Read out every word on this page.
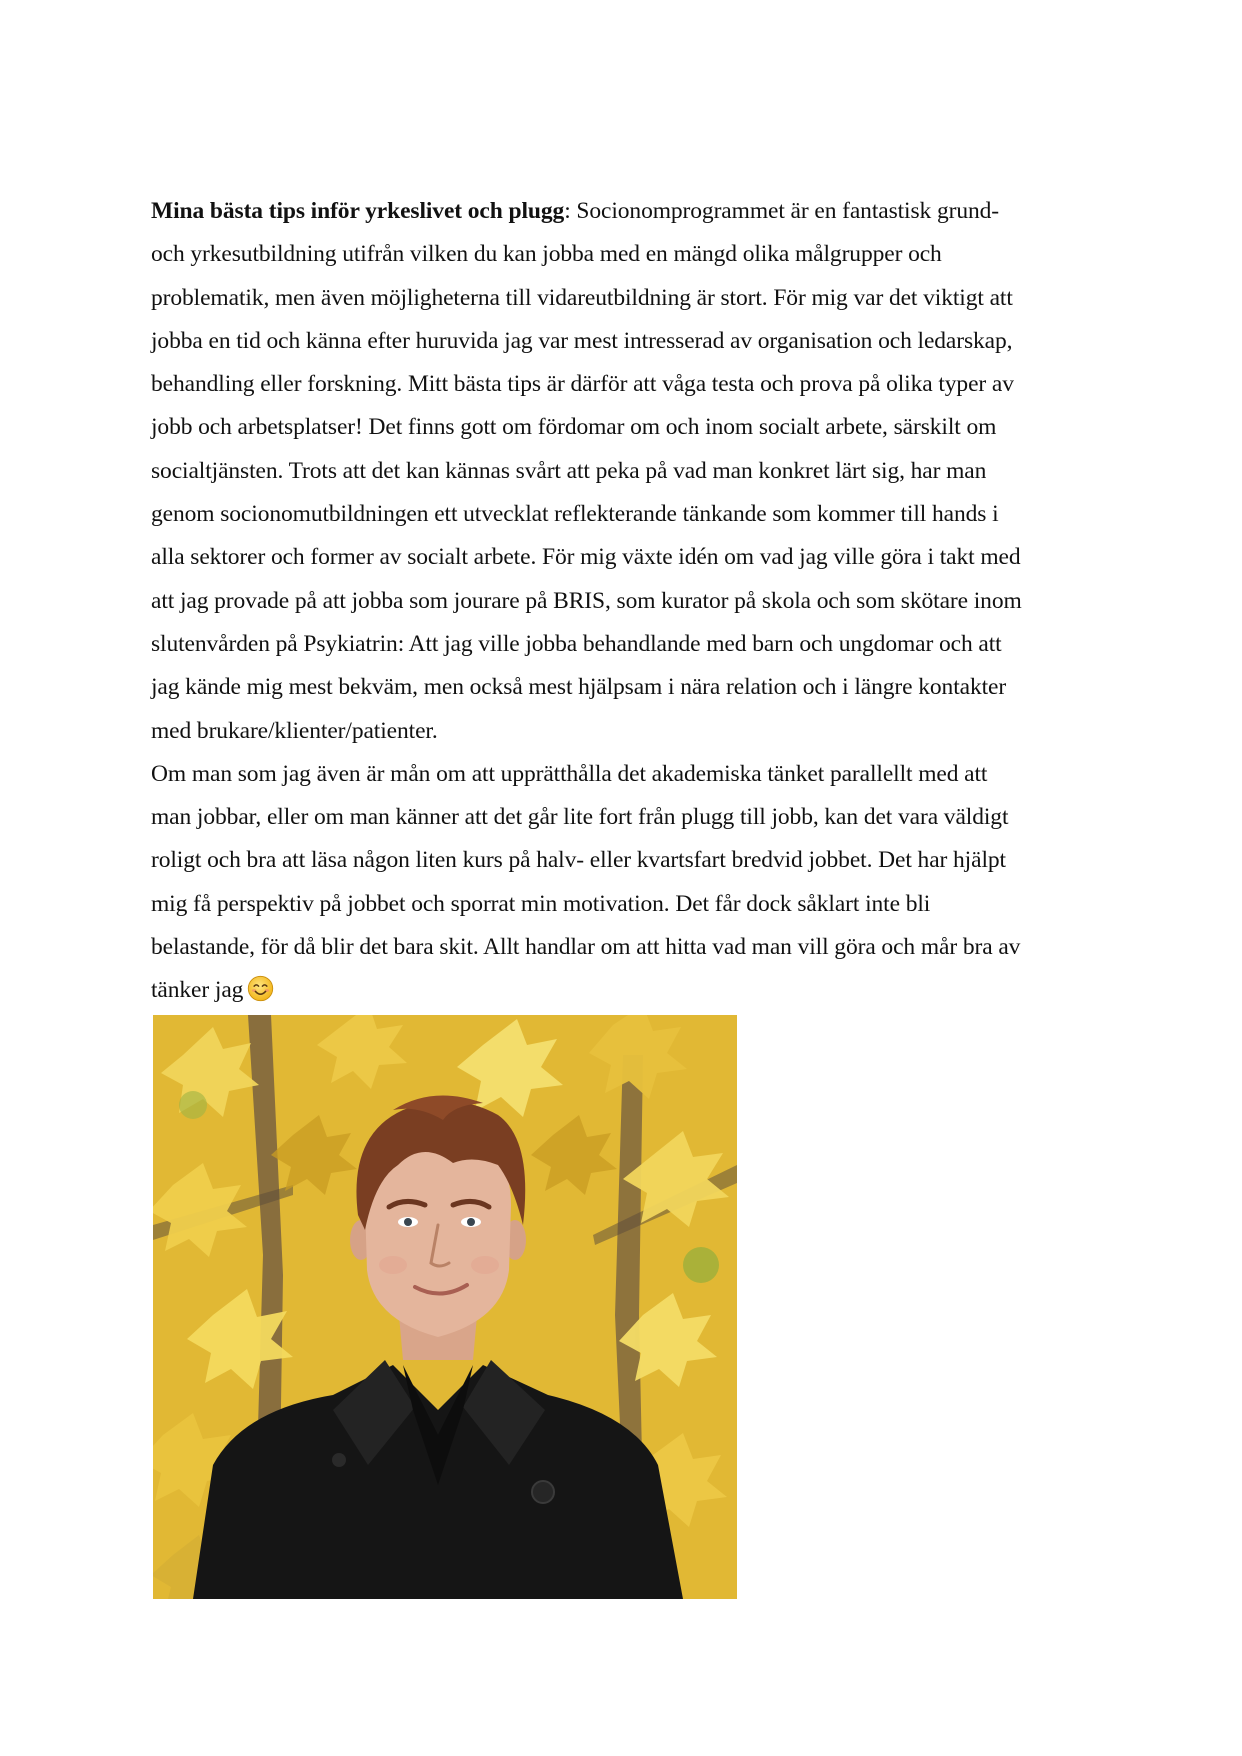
Mina bästa tips inför yrkeslivet och plugg: Socionomprogrammet är en fantastisk grund-
och yrkesutbildning utifrån vilken du kan jobba med en mängd olika målgrupper och
problematik, men även möjligheterna till vidareutbildning är stort. För mig var det viktigt att
jobba en tid och känna efter huruvida jag var mest intresserad av organisation och ledarskap,
behandling eller forskning. Mitt bästa tips är därför att våga testa och prova på olika typer av
jobb och arbetsplatser! Det finns gott om fördomar om och inom socialt arbete, särskilt om
socialtjänsten. Trots att det kan kännas svårt att peka på vad man konkret lärt sig, har man
genom socionomutbildningen ett utvecklat reflekterande tänkande som kommer till hands i
alla sektorer och former av socialt arbete. För mig växte idén om vad jag ville göra i takt med
att jag provade på att jobba som jourare på BRIS, som kurator på skola och som skötare inom
slutenvården på Psykiatrin: Att jag ville jobba behandlande med barn och ungdomar och att
jag kände mig mest bekväm, men också mest hjälpsam i nära relation och i längre kontakter
med brukare/klienter/patienter.
Om man som jag även är mån om att upprätthålla det akademiska tänket parallellt med att
man jobbar, eller om man känner att det går lite fort från plugg till jobb, kan det vara väldigt
roligt och bra att läsa någon liten kurs på halv- eller kvartsfart bredvid jobbet. Det har hjälpt
mig få perspektiv på jobbet och sporrat min motivation. Det får dock såklart inte bli
belastande, för då blir det bara skit. Allt handlar om att hitta vad man vill göra och mår bra av
tänker jag
